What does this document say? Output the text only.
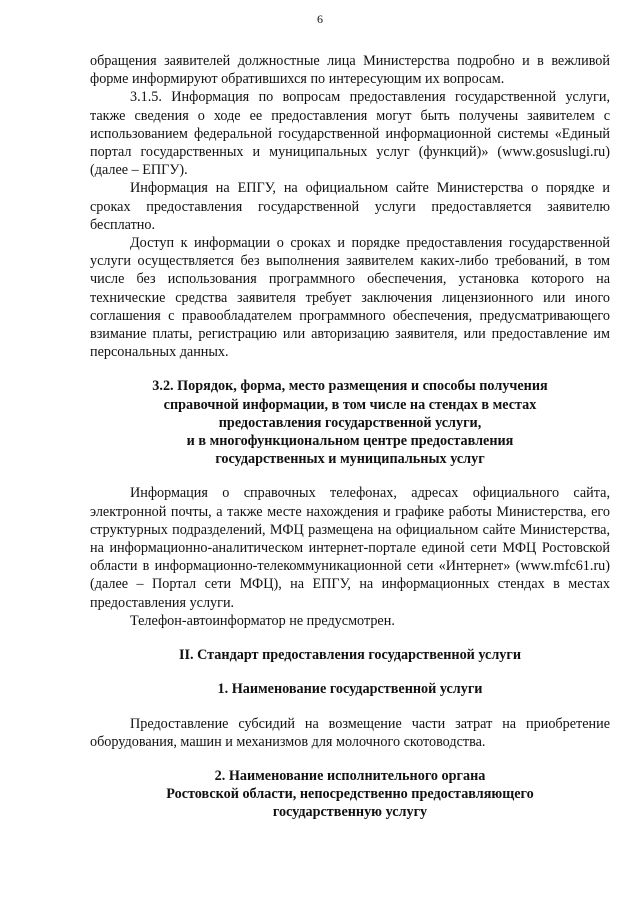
6

обращения заявителей должностные лица Министерства подробно и в вежливой форме информируют обратившихся по интересующим их вопросам.

3.1.5. Информация по вопросам предоставления государственной услуги, также сведения о ходе ее предоставления могут быть получены заявителем с использованием федеральной государственной информационной системы «Единый портал государственных и муниципальных услуг (функций)» (www.gosuslugi.ru) (далее – ЕПГУ).

Информация на ЕПГУ, на официальном сайте Министерства о порядке и сроках предоставления государственной услуги предоставляется заявителю бесплатно.

Доступ к информации о сроках и порядке предоставления государственной услуги осуществляется без выполнения заявителем каких-либо требований, в том числе без использования программного обеспечения, установка которого на технические средства заявителя требует заключения лицензионного или иного соглашения с правообладателем программного обеспечения, предусматривающего взимание платы, регистрацию или авторизацию заявителя, или предоставление им персональных данных.

3.2. Порядок, форма, место размещения и способы получения
справочной информации, в том числе на стендах в местах
предоставления государственной услуги,
и в многофункциональном центре предоставления
государственных и муниципальных услуг

Информация о справочных телефонах, адресах официального сайта, электронной почты, а также месте нахождения и графике работы Министерства, его структурных подразделений, МФЦ размещена на официальном сайте Министерства, на информационно-аналитическом интернет-портале единой сети МФЦ Ростовской области в информационно-телекоммуникационной сети «Интернет» (www.mfc61.ru) (далее – Портал сети МФЦ), на ЕПГУ, на информационных стендах в местах предоставления услуги.

Телефон-автоинформатор не предусмотрен.

II. Стандарт предоставления государственной услуги
1. Наименование государственной услуги

Предоставление субсидий на возмещение части затрат на приобретение оборудования, машин и механизмов для молочного скотоводства.

2. Наименование исполнительного органа
Ростовской области, непосредственно предоставляющего
государственную услугу
